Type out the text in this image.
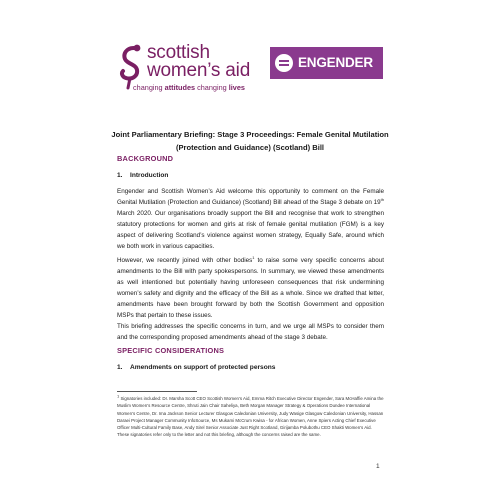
scottish
women’s aid
changing attitudes changing lives
ENGENDER
Joint Parliamentary Briefing: Stage 3 Proceedings: Female Genital Mutilation (Protection and Guidance) (Scotland) Bill
BACKGROUND
1. Introduction
Engender and Scottish Women’s Aid welcome this opportunity to comment on the Female Genital Mutilation (Protection and Guidance) (Scotland) Bill ahead of the Stage 3 debate on 19th March 2020. Our organisations broadly support the Bill and recognise that work to strengthen statutory protections for women and girls at risk of female genital mutilation (FGM) is a key aspect of delivering Scotland’s violence against women strategy, Equally Safe, around which we both work in various capacities.
However, we recently joined with other bodies$^1$ to raise some very specific concerns about amendments to the Bill with party spokespersons. In summary, we viewed these amendments as well intentioned but potentially having unforeseen consequences that risk undermining women’s safety and dignity and the efficacy of the Bill as a whole. Since we drafted that letter, amendments have been brought forward by both the Scottish Government and opposition MSPs that pertain to these issues.
This briefing addresses the specific concerns in turn, and we urge all MSPs to consider them and the corresponding proposed amendments ahead of the stage 3 debate.
SPECIFIC CONSIDERATIONS
1. Amendments on support of protected persons
$^1$ Signatories included: Dr. Marsha Scott CEO Scottish Women’s Aid, Emma Ritch Executive Director Engender, Sara McHaffie Amina the Muslim Women’s Resource Centre, Shruti Jain Chair Saheliya, Beth Morgan Manager Strategy & Operations Dundee International Women’s Centre, Dr. Ima Jackson Senior Lecturer Glasgow Caledonian University, Judy Wasige Glasgow Caledonian University, Hassan Daraei Project Manager Community InfoSource, Ms Mukami McCrum Kwisa - for African Women, Anne Spiers Acting Chief Executive Officer Multi-Cultural Family Base, Andy Sirel Senior Associate Just Right Scotland, Girijamba Polubothu CEO Shakti Women’s Aid. These signatories refer only to the letter and not this briefing, although the concerns raised are the same.
1
